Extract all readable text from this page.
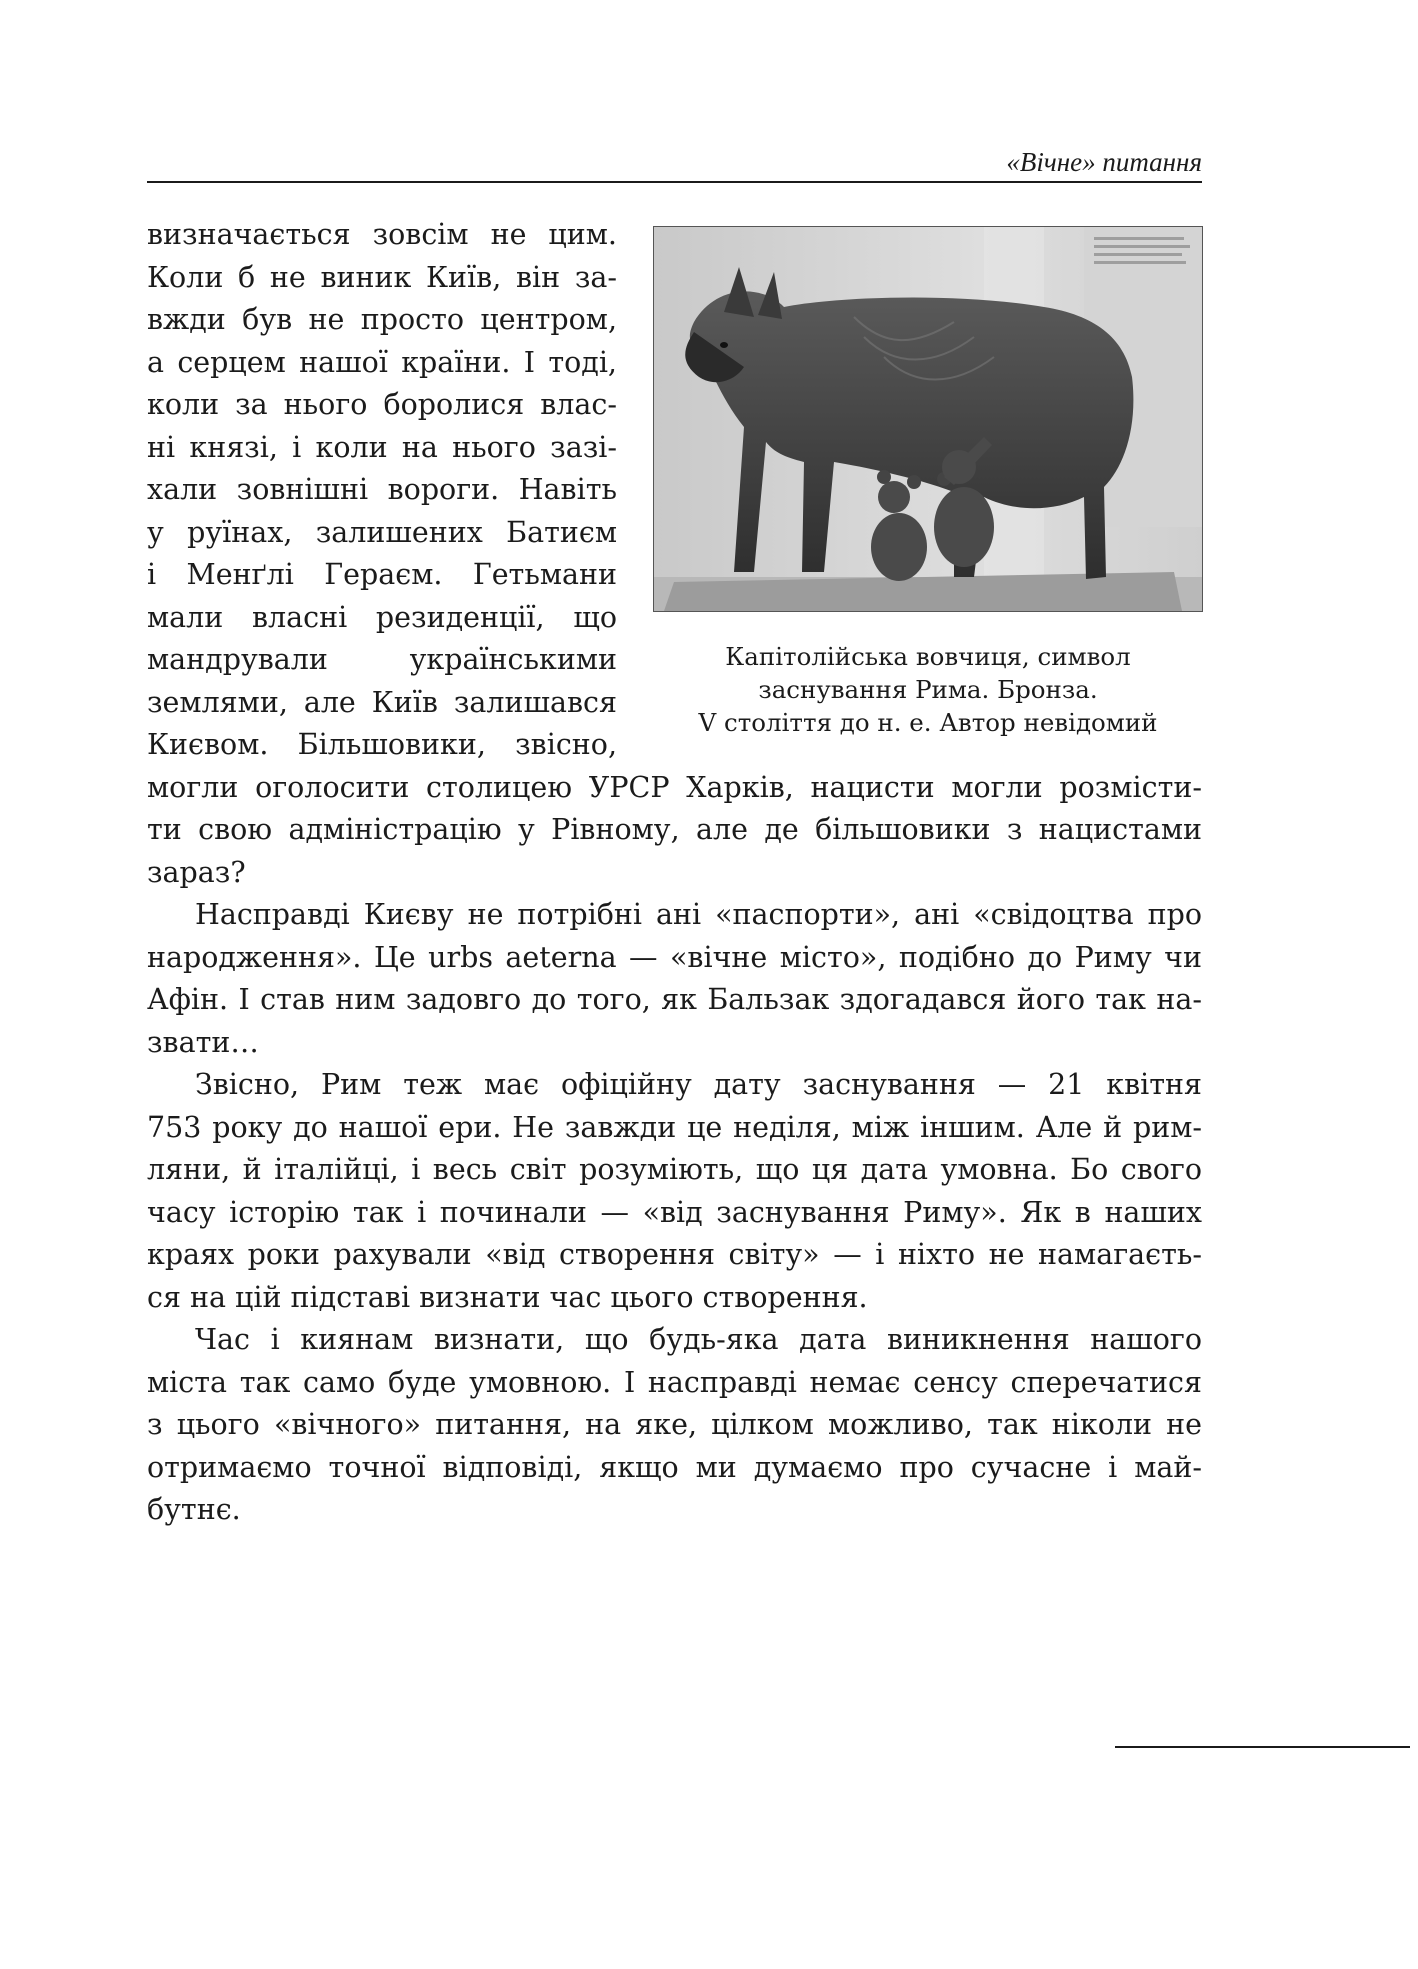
«Вічне» питання
Капітолійська вовчиця, символ
заснування Рима. Бронза.
V століття до н. е. Автор невідомий
визначається зовсім не цим.
Коли б не виник Київ, він за-
вжди був не просто центром,
а серцем нашої країни. І тоді,
коли за нього боролися влас-
ні князі, і коли на нього зазі-
хали зовнішні вороги. Навіть
у руїнах, залишених Батиєм
і Менґлі Гераєм. Гетьмани
мали власні резиденції, що
мандрували українськими
землями, але Київ залишався
Києвом. Більшовики, звісно,
могли оголосити столицею УРСР Харків, нацисти могли розмісти-
ти свою адміністрацію у Рівному, але де більшовики з нацистами
зараз?
Насправді Києву не потрібні ані «паспорти», ані «свідоцтва про
народження». Це urbs aeterna — «вічне місто», подібно до Риму чи
Афін. І став ним задовго до того, як Бальзак здогадався його так на-
звати…
Звісно, Рим теж має офіційну дату заснування — 21 квітня
753 року до нашої ери. Не завжди це неділя, між іншим. Але й рим-
ляни, й італійці, і весь світ розуміють, що ця дата умовна. Бо свого
часу історію так і починали — «від заснування Риму». Як в наших
краях роки рахували «від створення світу» — і ніхто не намагаєть-
ся на цій підставі визнати час цього створення.
Час і киянам визнати, що будь-яка дата виникнення нашого
міста так само буде умовною. І насправді немає сенсу сперечатися
з цього «вічного» питання, на яке, цілком можливо, так ніколи не
отримаємо точної відповіді, якщо ми думаємо про сучасне і май-
бутнє.
